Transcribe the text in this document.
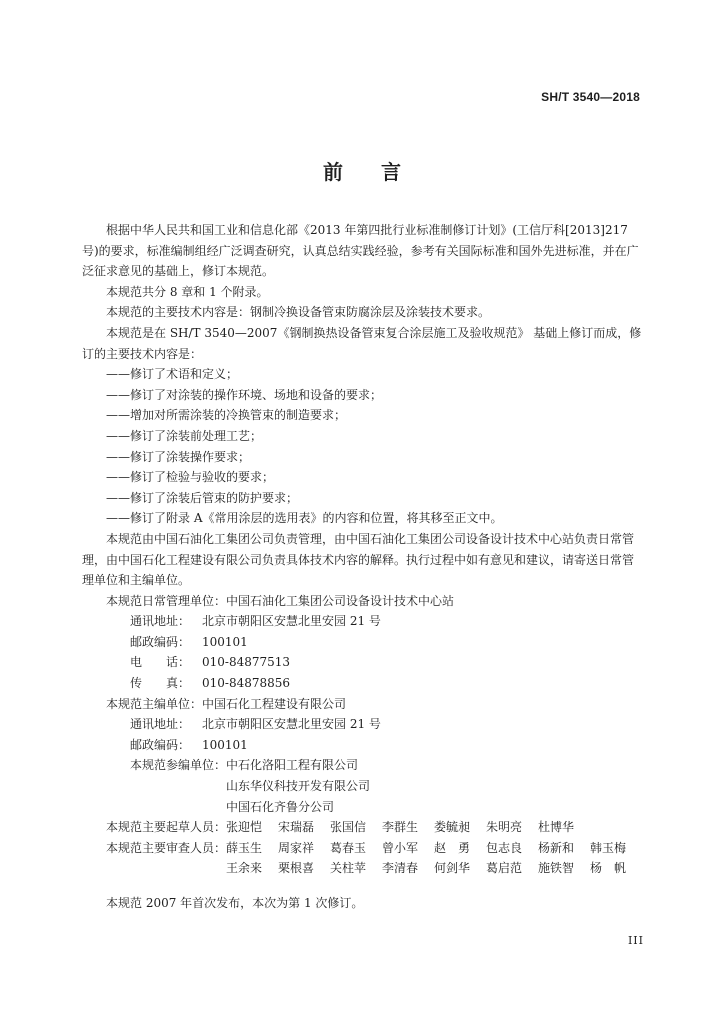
SH/T 3540—2018
前 言

根据中华人民共和国工业和信息化部《2013 年第四批行业标准制修订计划》(工信厅科[2013]217 号)的要求，标准编制组经广泛调查研究，认真总结实践经验，参考有关国际标准和国外先进标准，并在广泛征求意见的基础上，修订本规范。

本规范共分 8 章和 1 个附录。

本规范的主要技术内容是：钢制冷换设备管束防腐涂层及涂装技术要求。

本规范是在 SH/T 3540—2007《钢制换热设备管束复合涂层施工及验收规范》 基础上修订而成，修订的主要技术内容是：

——修订了术语和定义；
——修订了对涂装的操作环境、场地和设备的要求；
——增加对所需涂装的冷换管束的制造要求；
——修订了涂装前处理工艺；
——修订了涂装操作要求；
——修订了检验与验收的要求；
——修订了涂装后管束的防护要求；
——修订了附录 A《常用涂层的选用表》的内容和位置，将其移至正文中。

本规范由中国石油化工集团公司负责管理，由中国石油化工集团公司设备设计技术中心站负责日常管理，由中国石化工程建设有限公司负责具体技术内容的解释。执行过程中如有意见和建议，请寄送日常管理单位和主编单位。

本规范日常管理单位： 中国石油化工集团公司设备设计技术中心站
通讯地址： 北京市朝阳区安慧北里安园 21 号
邮政编码： 100101
电 话： 010-84877513
传 真： 010-84878856
本规范主编单位： 中国石化工程建设有限公司
通讯地址： 北京市朝阳区安慧北里安园 21 号
邮政编码： 100101
本规范参编单位： 中石化洛阳工程有限公司
山东华仪科技开发有限公司
中国石化齐鲁分公司
本规范主要起草人员： 张迎恺	宋瑞磊	张国信	李群生	娄毓昶	朱明亮	杜博华
本规范主要审查人员： 薛玉生	周家祥	葛春玉	曾小军	赵　勇	包志良	杨新和	韩玉梅
王余来	栗根喜	关柱苹	李清春	何剑华	葛启范	施铁智	杨　帆

本规范 2007 年首次发布，本次为第 1 次修订。

III
